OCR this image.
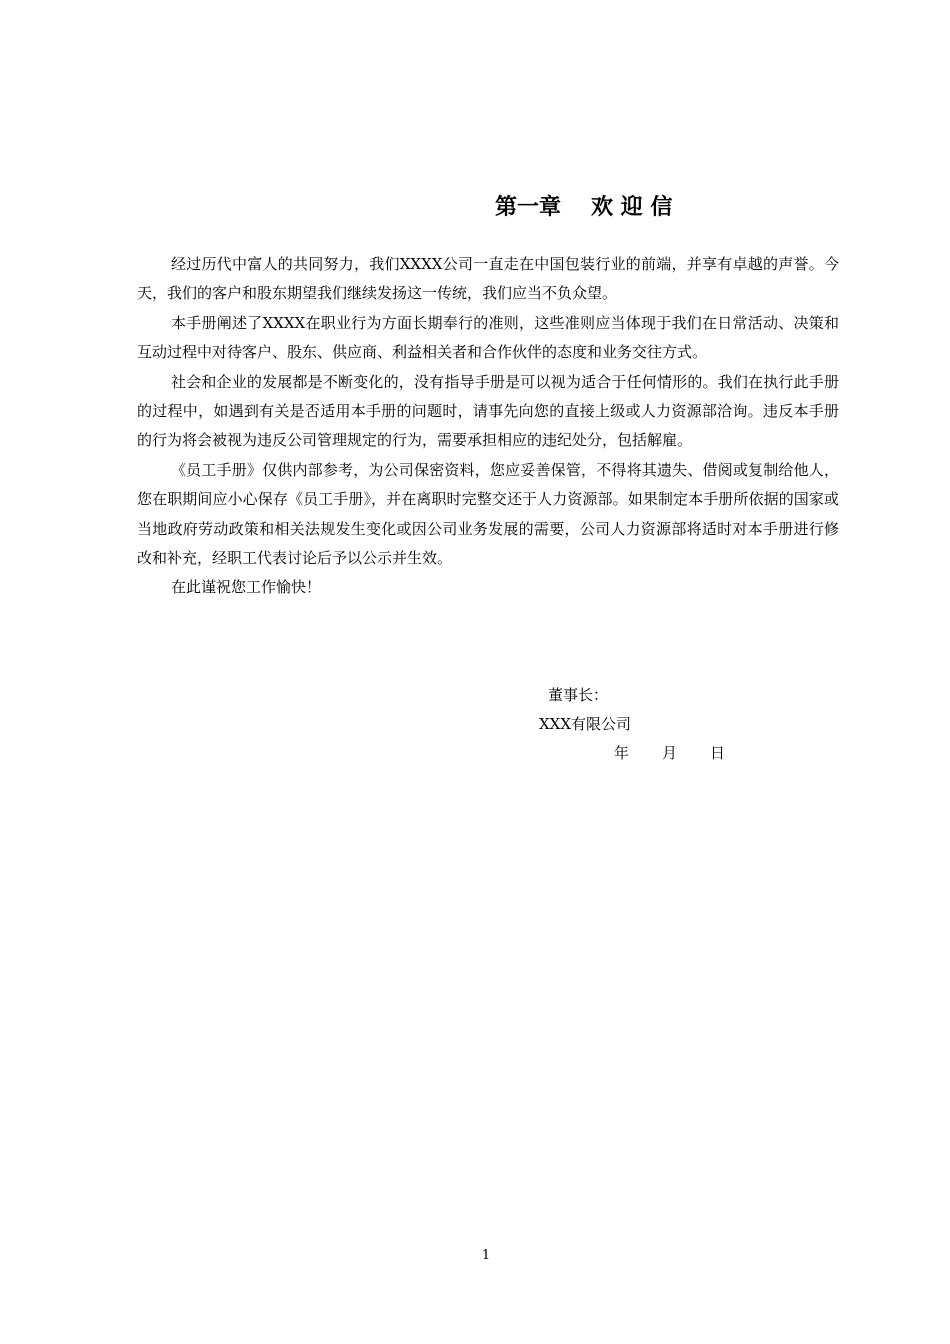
第一章 欢 迎 信

经过历代中富人的共同努力，我们XXXX公司一直走在中国包装行业的前端，并享有卓越的声誉。今天，我们的客户和股东期望我们继续发扬这一传统，我们应当不负众望。

本手册阐述了XXXX在职业行为方面长期奉行的准则，这些准则应当体现于我们在日常活动、决策和互动过程中对待客户、股东、供应商、利益相关者和合作伙伴的态度和业务交往方式。

社会和企业的发展都是不断变化的，没有指导手册是可以视为适合于任何情形的。我们在执行此手册的过程中，如遇到有关是否适用本手册的问题时，请事先向您的直接上级或人力资源部洽询。违反本手册的行为将会被视为违反公司管理规定的行为，需要承担相应的违纪处分，包括解雇。

《员工手册》仅供内部参考，为公司保密资料，您应妥善保管，不得将其遗失、借阅或复制给他人，您在职期间应小心保存《员工手册》，并在离职时完整交还于人力资源部。如果制定本手册所依据的国家或当地政府劳动政策和相关法规发生变化或因公司业务发展的需要，公司人力资源部将适时对本手册进行修改和补充，经职工代表讨论后予以公示并生效。

在此谨祝您工作愉快！

董事长：
XXX有限公司
年 月 日
1
